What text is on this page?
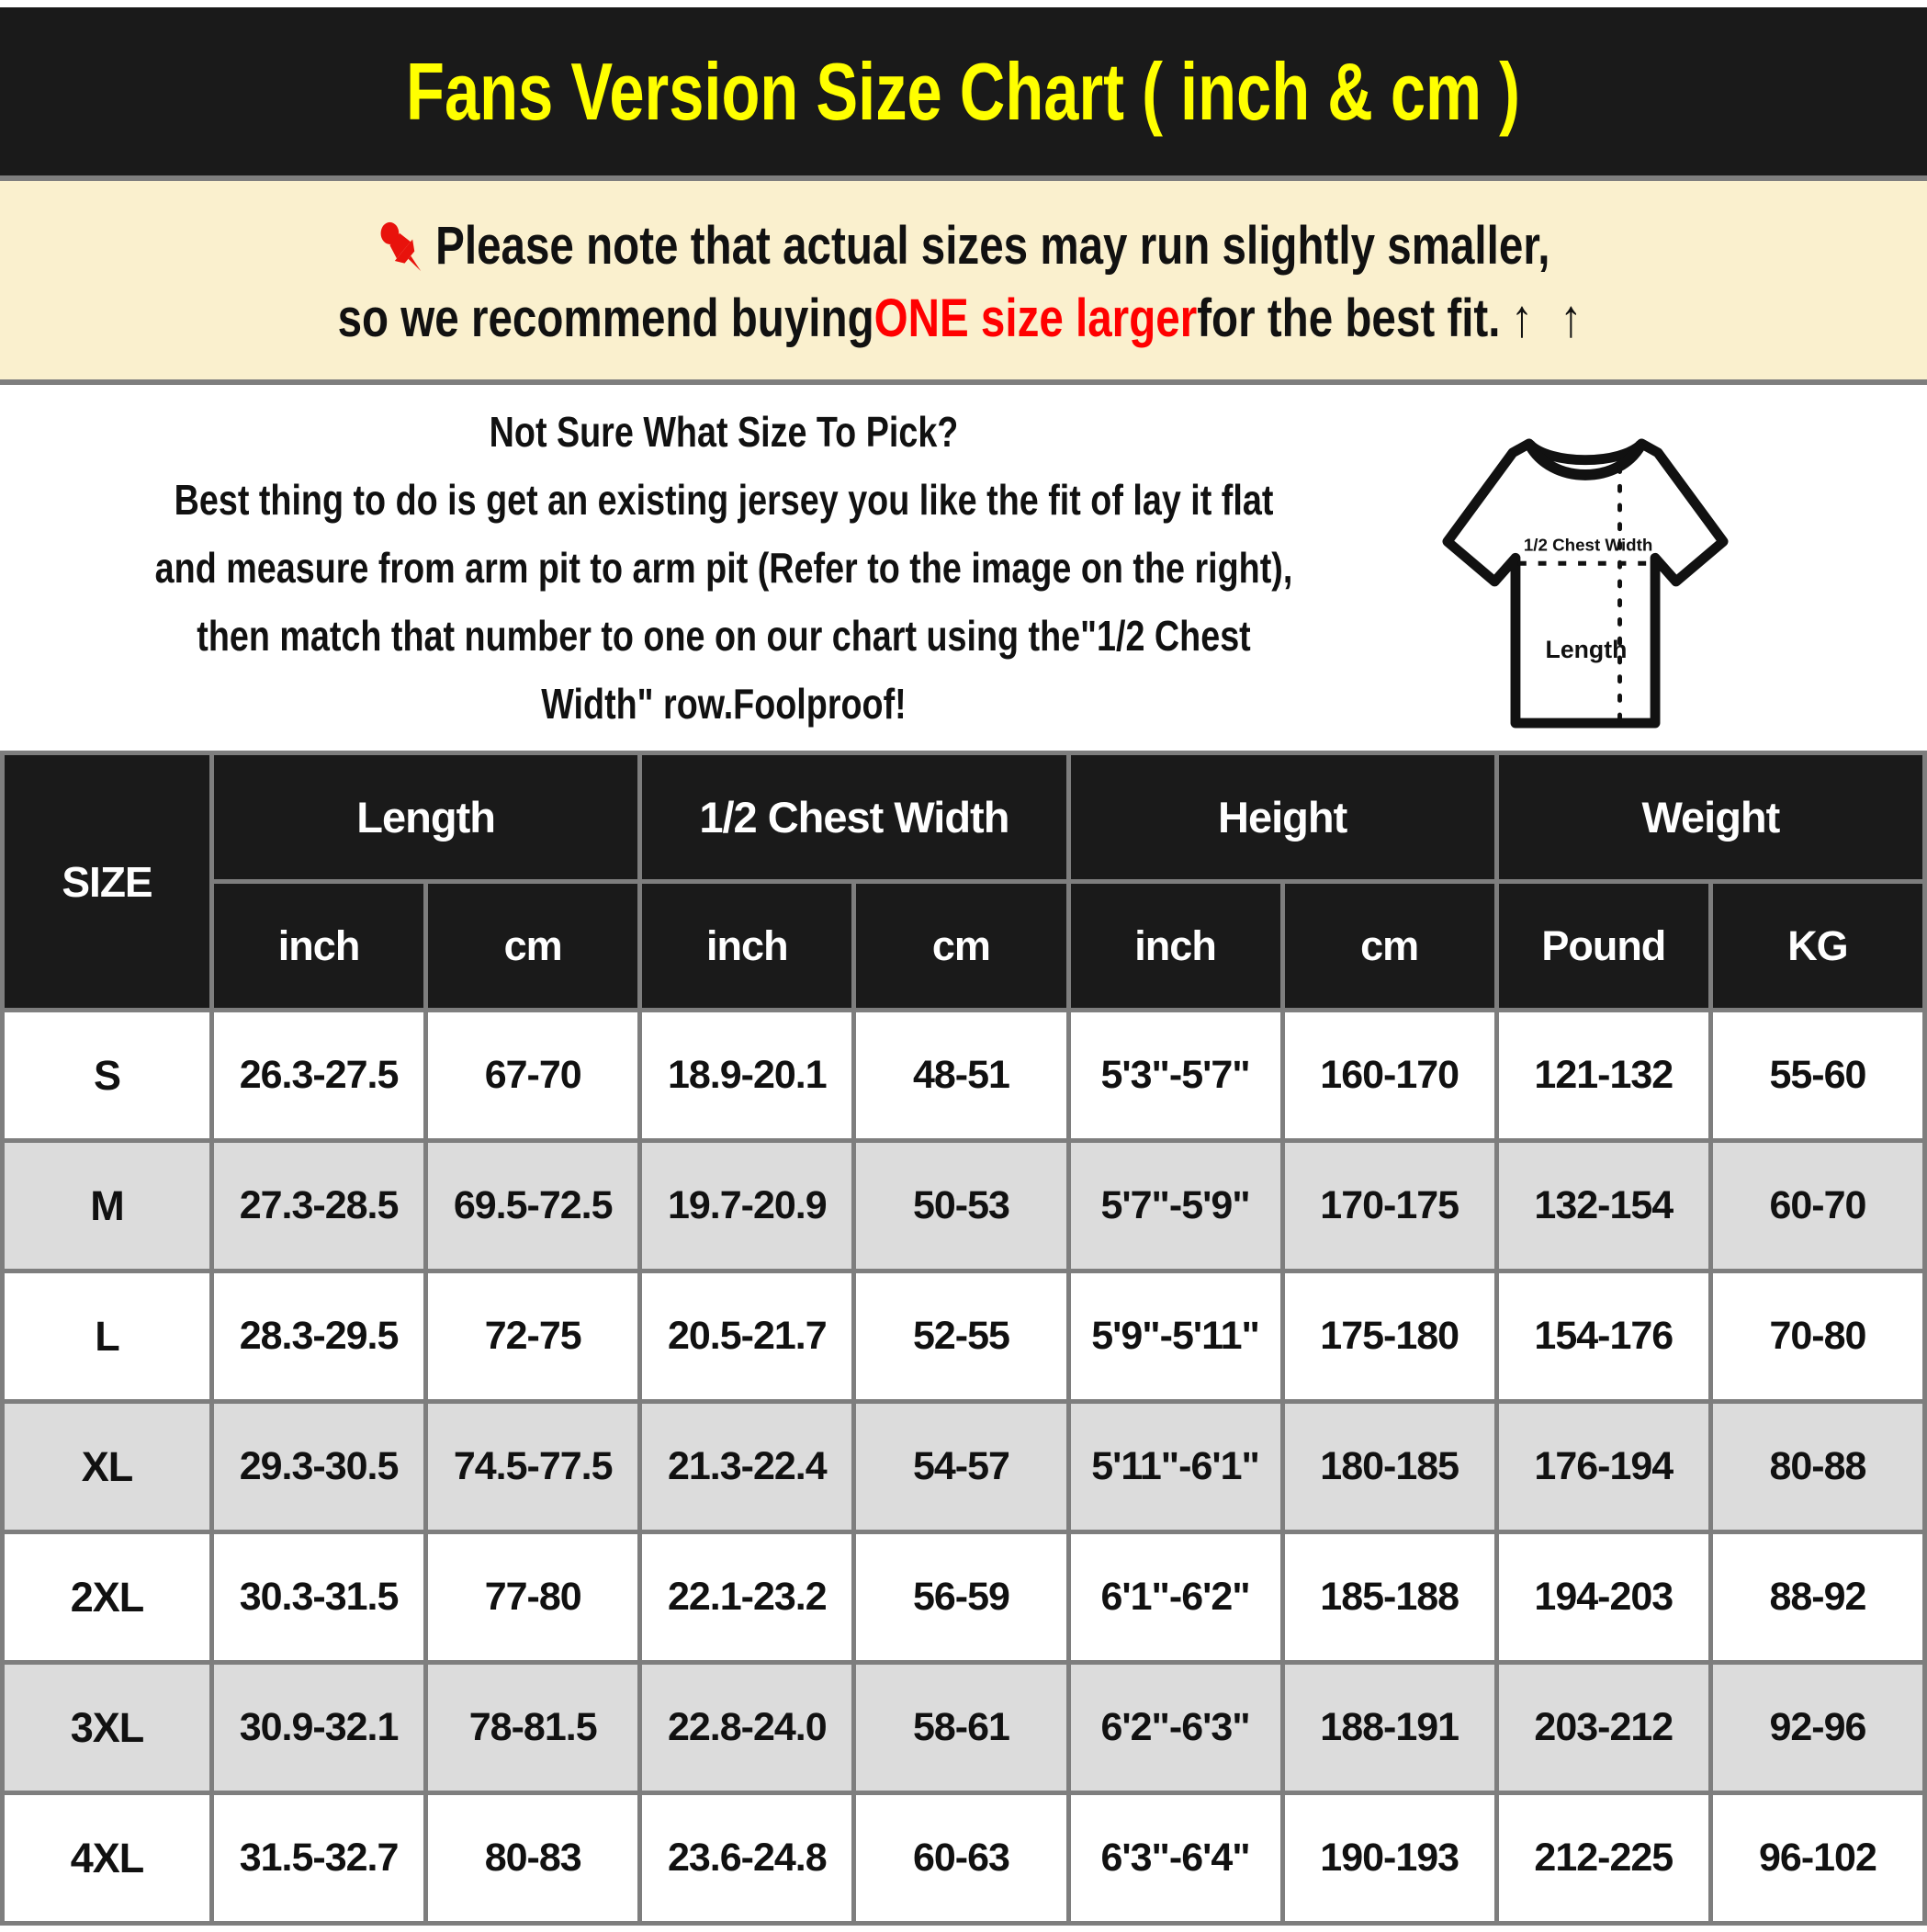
Fans Version Size Chart ( inch & cm )

Please note that actual sizes may run slightly smaller,

so we recommend buying ONE size larger for the best fit. ↑ ↑

Not Sure What Size To Pick?

Best thing to do is get an existing jersey you like the fit of lay it flat

and measure from arm pit to arm pit (Refer to the image on the right),

then match that number to one on our chart using the"1/2 Chest

Width" row.Foolproof!

1/2 Chest Width
Length
SIZE	Length		1/2 Chest Width		Height		Weight	
	inch	cm	inch	cm	inch	cm	Pound	KG
S	26.3-27.5	67-70	18.9-20.1	48-51	5'3"-5'7"	160-170	121-132	55-60
M	27.3-28.5	69.5-72.5	19.7-20.9	50-53	5'7"-5'9"	170-175	132-154	60-70
L	28.3-29.5	72-75	20.5-21.7	52-55	5'9"-5'11"	175-180	154-176	70-80
XL	29.3-30.5	74.5-77.5	21.3-22.4	54-57	5'11"-6'1"	180-185	176-194	80-88
2XL	30.3-31.5	77-80	22.1-23.2	56-59	6'1"-6'2"	185-188	194-203	88-92
3XL	30.9-32.1	78-81.5	22.8-24.0	58-61	6'2"-6'3"	188-191	203-212	92-96
4XL	31.5-32.7	80-83	23.6-24.8	60-63	6'3"-6'4"	190-193	212-225	96-102
